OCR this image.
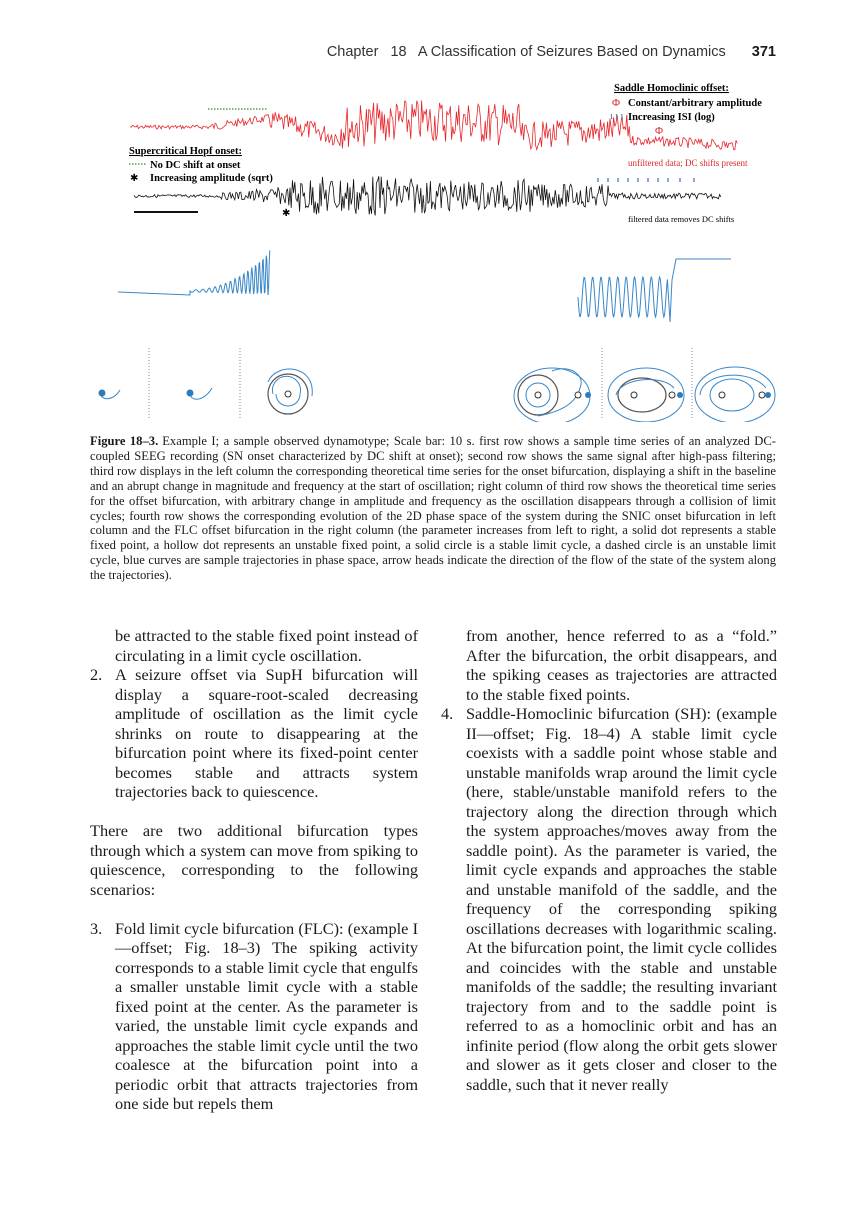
Chapter   18   A Classification of Seizures Based on Dynamics 371
Saddle Homoclinic offset:
Φ Constant/arbitrary amplitude
ı ı ı Increasing ISI (log)
Φ
unfiltered data; DC shifts present
Supercritical Hopf onset:
No DC shift at onset
✱ Increasing amplitude (sqrt)
✱	filtered data removes DC shifts
Figure 18–3. Example I; a sample observed dynamotype; Scale bar: 10 s. first row shows a sample time series of an analyzed DC-coupled SEEG recording (SN onset characterized by DC shift at onset); second row shows the same signal after high-pass filtering; third row displays in the left column the corresponding theoretical time series for the onset bifurcation, displaying a shift in the baseline and an abrupt change in magnitude and frequency at the start of oscillation; right column of third row shows the theoretical time series for the offset bifurcation, with arbitrary change in amplitude and frequency as the oscillation disappears through a collision of limit cycles; fourth row shows the corresponding evolution of the 2D phase space of the system during the SNIC onset bifurcation in left column and the FLC offset bifurcation in the right column (the parameter increases from left to right, a solid dot represents a stable fixed point, a hollow dot represents an unstable fixed point, a solid circle is a stable limit cycle, a dashed circle is an unstable limit cycle, blue curves are sample trajectories in phase space, arrow heads indicate the direction of the flow of the state of the system along the trajectories).

be attracted to the stable fixed point instead of circulating in a limit cycle oscillation.

2. A seizure offset via SupH bifurcation will display a square-root-scaled decreasing amplitude of oscillation as the limit cycle shrinks on route to disappearing at the bifurcation point where its fixed-point center becomes stable and attracts system trajectories back to quiescence.

There are two additional bifurcation types through which a system can move from spiking to quiescence, corresponding to the following scenarios:

3. Fold limit cycle bifurcation (FLC): (example I—offset; Fig. 18–3) The spiking activity corresponds to a stable limit cycle that engulfs a smaller unstable limit cycle with a stable fixed point at the center. As the parameter is varied, the unstable limit cycle expands and approaches the stable limit cycle until the two coalesce at the bifurcation point into a periodic orbit that attracts trajectories from one side but repels them

from another, hence referred to as a “fold.” After the bifurcation, the orbit disappears, and the spiking ceases as trajectories are attracted to the stable fixed points.

4. Saddle-Homoclinic bifurcation (SH): (example II—offset; Fig. 18–4) A stable limit cycle coexists with a saddle point whose stable and unstable manifolds wrap around the limit cycle (here, stable/unstable manifold refers to the trajectory along the direction through which the system approaches/moves away from the saddle point). As the parameter is varied, the limit cycle expands and approaches the stable and unstable manifold of the saddle, and the frequency of the corresponding spiking oscillations decreases with logarithmic scaling. At the bifurcation point, the limit cycle collides and coincides with the stable and unstable manifolds of the saddle; the resulting invariant trajectory from and to the saddle point is referred to as a homoclinic orbit and has an infinite period (flow along the orbit gets slower and slower as it gets closer and closer to the saddle, such that it never really
